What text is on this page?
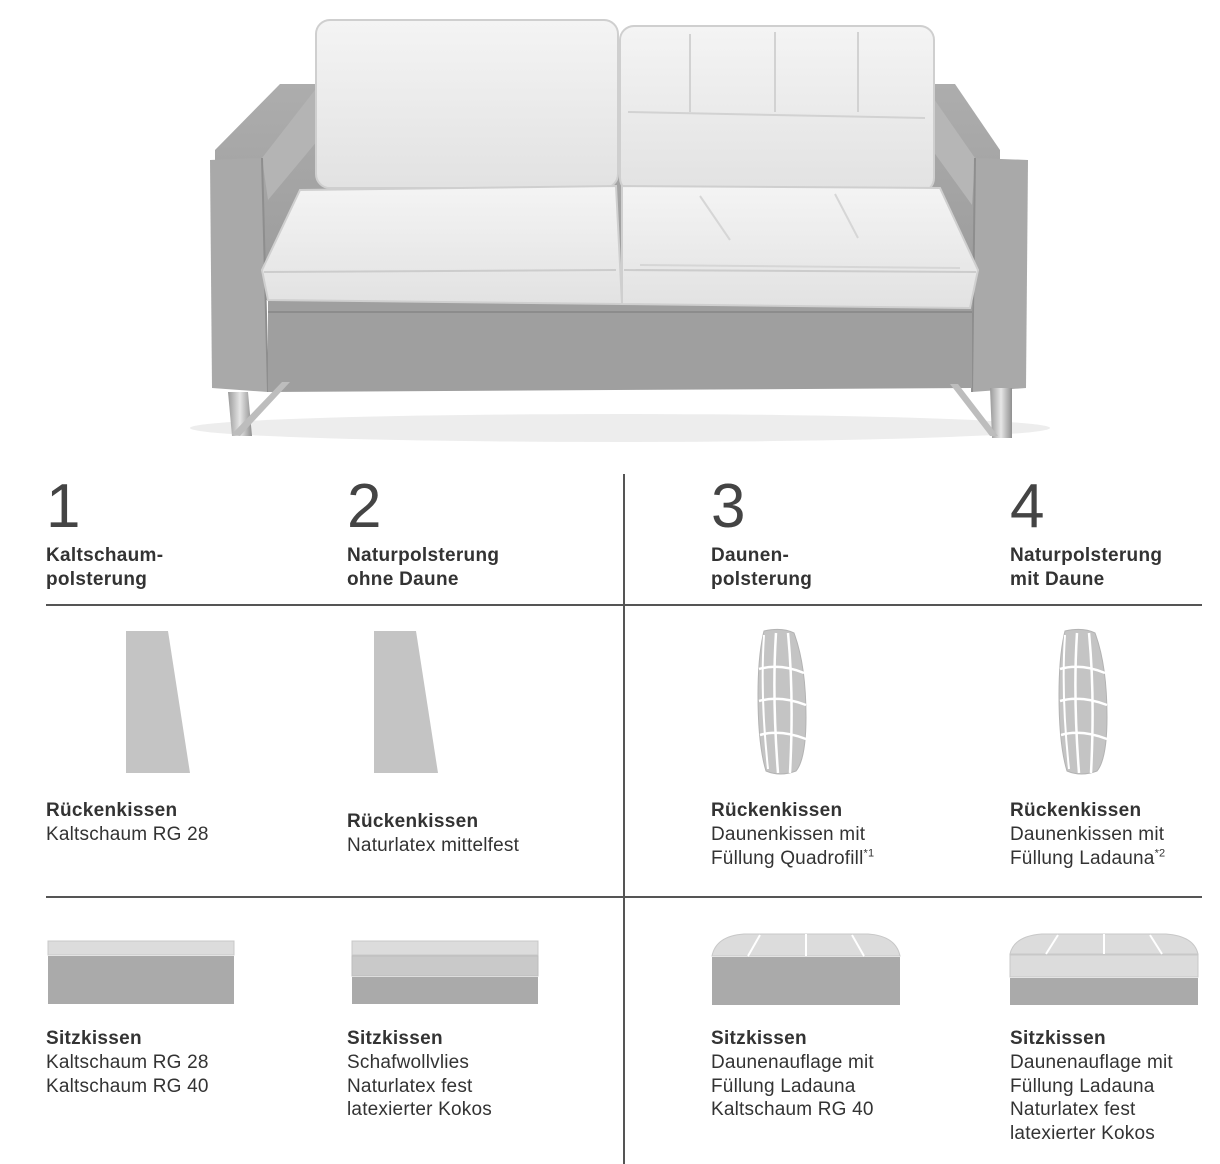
1
Kaltschaum-
polsterung
Rückenkissen
Kaltschaum RG 28
Sitzkissen
Kaltschaum RG 28
Kaltschaum RG 40
2
Naturpolsterung
ohne Daune
Rückenkissen
Naturlatex mittelfest
Sitzkissen
Schafwollvlies
Naturlatex fest
latexierter Kokos
3
Daunen-
polsterung
Rückenkissen
Daunenkissen mit
Füllung Quadrofill$^{*1}$
Sitzkissen
Daunenauflage mit
Füllung Ladauna
Kaltschaum RG 40
4
Naturpolsterung
mit Daune
Rückenkissen
Daunenkissen mit
Füllung Ladauna$^{*2}$
Sitzkissen
Daunenauflage mit
Füllung Ladauna
Naturlatex fest
latexierter Kokos
